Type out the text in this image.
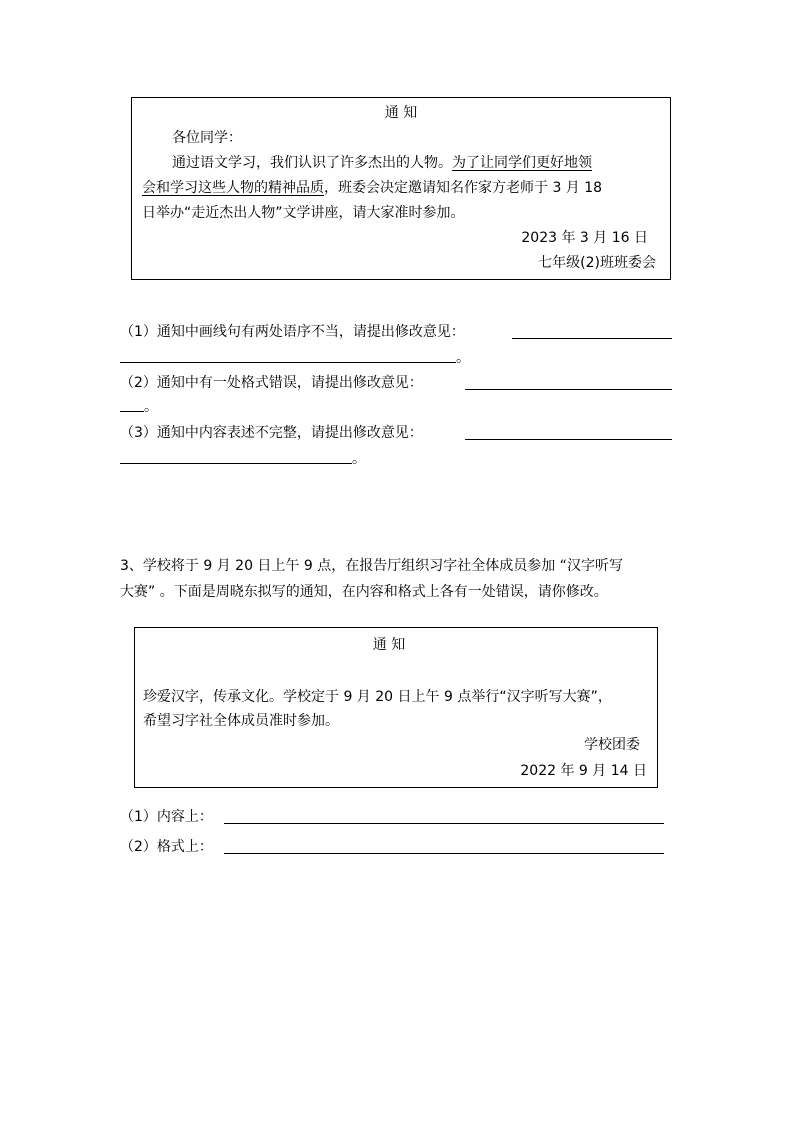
通 知
各位同学：
通过语文学习，我们认识了许多杰出的人物。为了让同学们更好地领
会和学习这些人物的精神品质，班委会决定邀请知名作家方老师于 3 月 18
日举办“走近杰出人物”文学讲座，请大家准时参加。
2023 年 3 月 16 日
七年级(2)班班委会
（1）通知中画线句有两处语序不当，请提出修改意见：
。
（2）通知中有一处格式错误，请提出修改意见：
。
（3）通知中内容表述不完整，请提出修改意见：
。
3、学校将于 9 月 20 日上午 9 点，在报告厅组织习字社全体成员参加 “汉字听写
大赛” 。下面是周晓东拟写的通知，在内容和格式上各有一处错误，请你修改。
通 知
珍爱汉字，传承文化。学校定于 9 月 20 日上午 9 点举行“汉字听写大赛”，
希望习字社全体成员准时参加。
学校团委
2022 年 9 月 14 日
（1）内容上：
（2）格式上：
